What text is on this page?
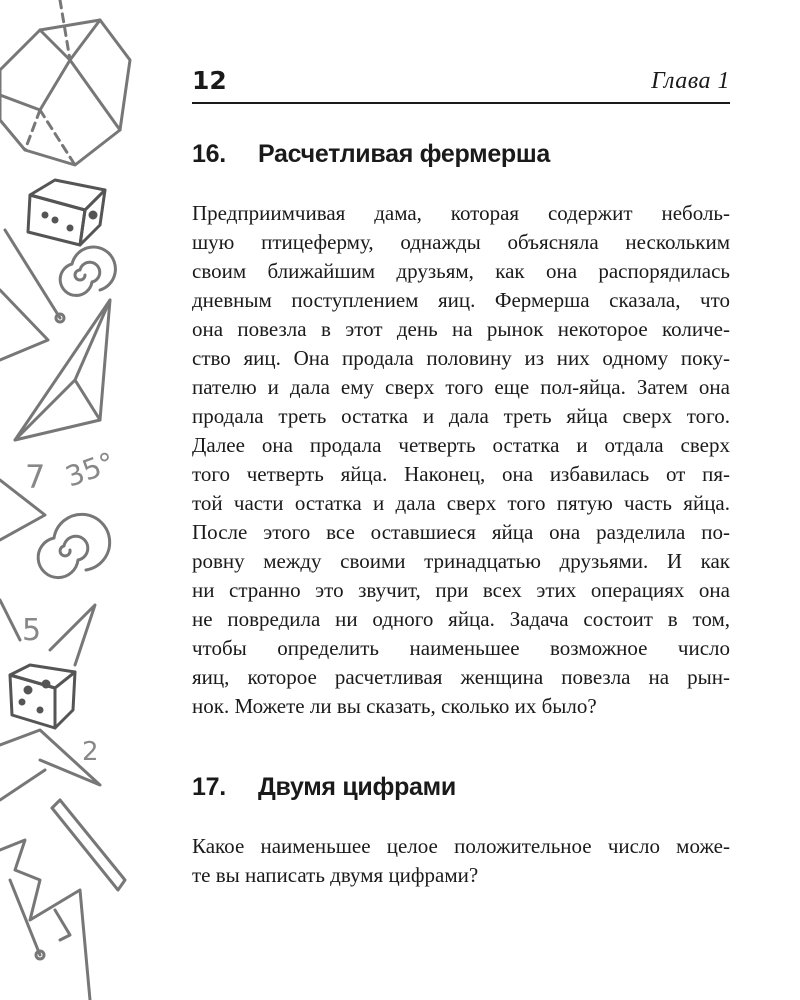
7 35°
5
2
12	Глава 1
16. Расчетливая фермерша
Предприимчивая дама, которая содержит неболь-
шую птицеферму, однажды объясняла нескольким
своим ближайшим друзьям, как она распорядилась
дневным поступлением яиц. Фермерша сказала, что
она повезла в этот день на рынок некоторое количе-
ство яиц. Она продала половину из них одному поку-
пателю и дала ему сверх того еще пол-яйца. Затем она
продала треть остатка и дала треть яйца сверх того.
Далее она продала четверть остатка и отдала сверх
того четверть яйца. Наконец, она избавилась от пя-
той части остатка и дала сверх того пятую часть яйца.
После этого все оставшиеся яйца она разделила по-
ровну между своими тринадцатью друзьями. И как
ни странно это звучит, при всех этих операциях она
не повредила ни одного яйца. Задача состоит в том,
чтобы определить наименьшее возможное число
яиц, которое расчетливая женщина повезла на рын-
нок. Можете ли вы сказать, сколько их было?
17. Двумя цифрами
Какое наименьшее целое положительное число може-
те вы написать двумя цифрами?
